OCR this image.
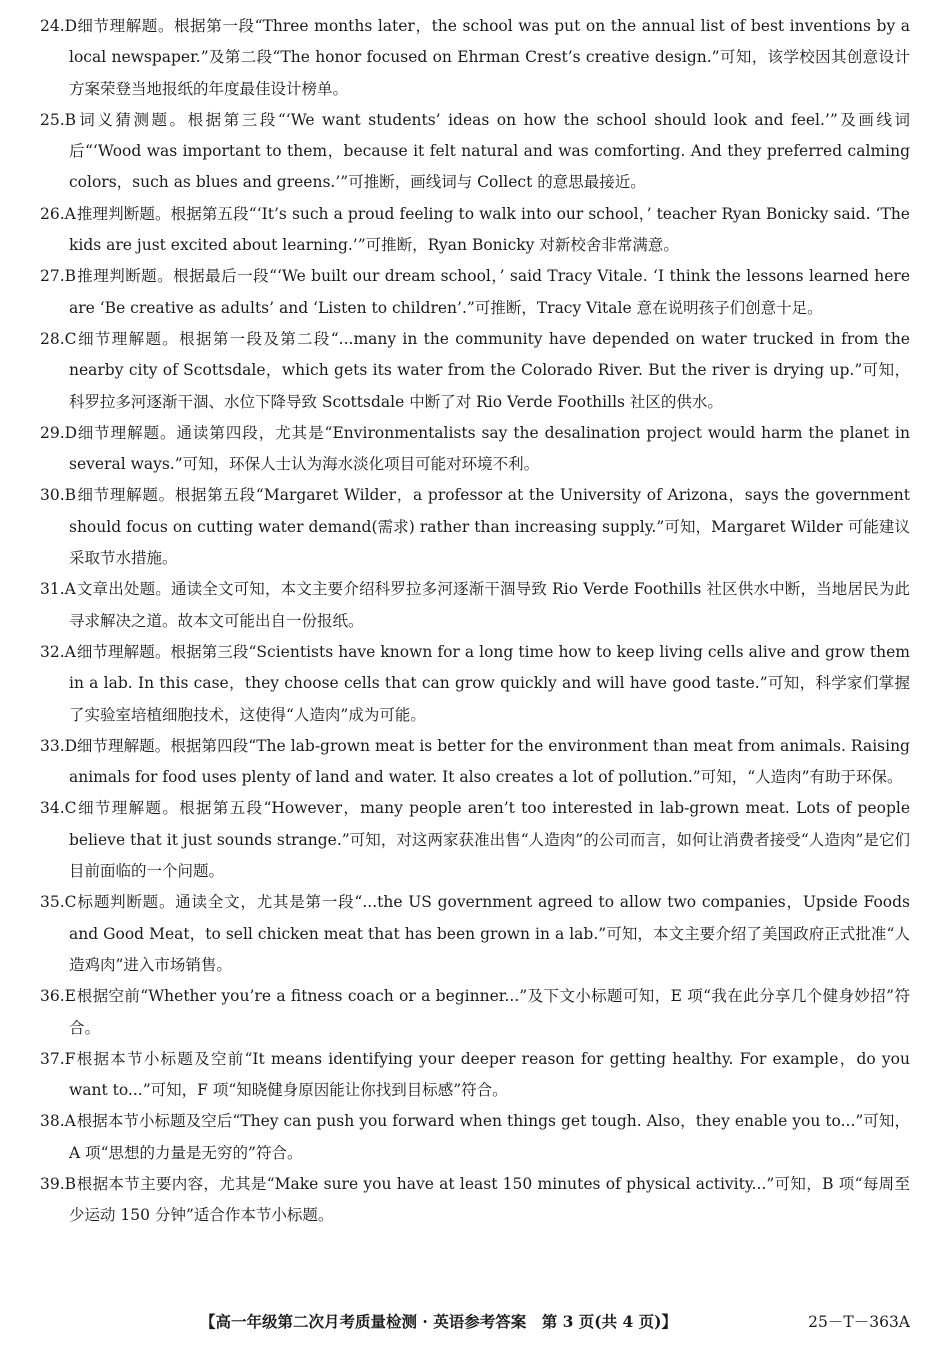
24.D
 细节理解题。根据第一段“Three months later，the school was put on the annual list of best inventions by a local newspaper.”及第二段“The honor focused on Ehrman Crest’s creative design.”可知，该学校因其创意设计方案荣登当地报纸的年度最佳设计榜单。
25.B
 词义猜测题。根据第三段“‘We want students’ ideas on how the school should look and feel.’”及画线词后“‘Wood was important to them，because it felt natural and was comforting. And they preferred calming colors，such as blues and greens.’”可推断，画线词与 Collect 的意思最接近。
26.A
 推理判断题。根据第五段“‘It’s such a proud feeling to walk into our school，’ teacher Ryan Bonicky said. ‘The kids are just excited about learning.’”可推断，Ryan Bonicky 对新校舍非常满意。
27.B
 推理判断题。根据最后一段“‘We built our dream school，’ said Tracy Vitale. ‘I think the lessons learned here are ‘Be creative as adults’ and ‘Listen to children’.”可推断，Tracy Vitale 意在说明孩子们创意十足。
28.C
 细节理解题。根据第一段及第二段“...many in the community have depended on water trucked in from the nearby city of Scottsdale，which gets its water from the Colorado River. But the river is drying up.”可知，科罗拉多河逐渐干涸、水位下降导致 Scottsdale 中断了对 Rio Verde Foothills 社区的供水。
29.D
 细节理解题。通读第四段，尤其是“Environmentalists say the desalination project would harm the planet in several ways.”可知，环保人士认为海水淡化项目可能对环境不利。
30.B
 细节理解题。根据第五段“Margaret Wilder，a professor at the University of Arizona，says the government should focus on cutting water demand(需求) rather than increasing supply.”可知，Margaret Wilder 可能建议采取节水措施。
31.A
 文章出处题。通读全文可知，本文主要介绍科罗拉多河逐渐干涸导致 Rio Verde Foothills 社区供水中断，当地居民为此寻求解决之道。故本文可能出自一份报纸。
32.A
 细节理解题。根据第三段“Scientists have known for a long time how to keep living cells alive and grow them in a lab. In this case，they choose cells that can grow quickly and will have good taste.”可知，科学家们掌握了实验室培植细胞技术，这使得“人造肉”成为可能。
33.D
 细节理解题。根据第四段“The lab-grown meat is better for the environment than meat from animals. Raising animals for food uses plenty of land and water. It also creates a lot of pollution.”可知，“人造肉”有助于环保。
34.C
 细节理解题。根据第五段“However，many people aren’t too interested in lab-grown meat. Lots of people believe that it just sounds strange.”可知，对这两家获准出售“人造肉”的公司而言，如何让消费者接受“人造肉”是它们目前面临的一个问题。
35.C
 标题判断题。通读全文，尤其是第一段“...the US government agreed to allow two companies，Upside Foods and Good Meat，to sell chicken meat that has been grown in a lab.”可知，本文主要介绍了美国政府正式批准“人造鸡肉”进入市场销售。
36.E 根据空前“Whether you’re a fitness coach or a beginner...”及下文小标题可知，E 项“我在此分享几个健身妙招”符合。
37.F 根据本节小标题及空前“It means identifying your deeper reason for getting healthy. For example，do you want to...”可知，F 项“知晓健身原因能让你找到目标感”符合。
38.A 根据本节小标题及空后“They can push you forward when things get tough. Also，they enable you to...”可知，A 项“思想的力量是无穷的”符合。
39.B 根据本节主要内容，尤其是“Make sure you have at least 150 minutes of physical activity...”可知，B 项“每周至少运动 150 分钟”适合作本节小标题。
【高一年级第二次月考质量检测 · 英语参考答案　第 3 页(共 4 页)】	25－T－363A
